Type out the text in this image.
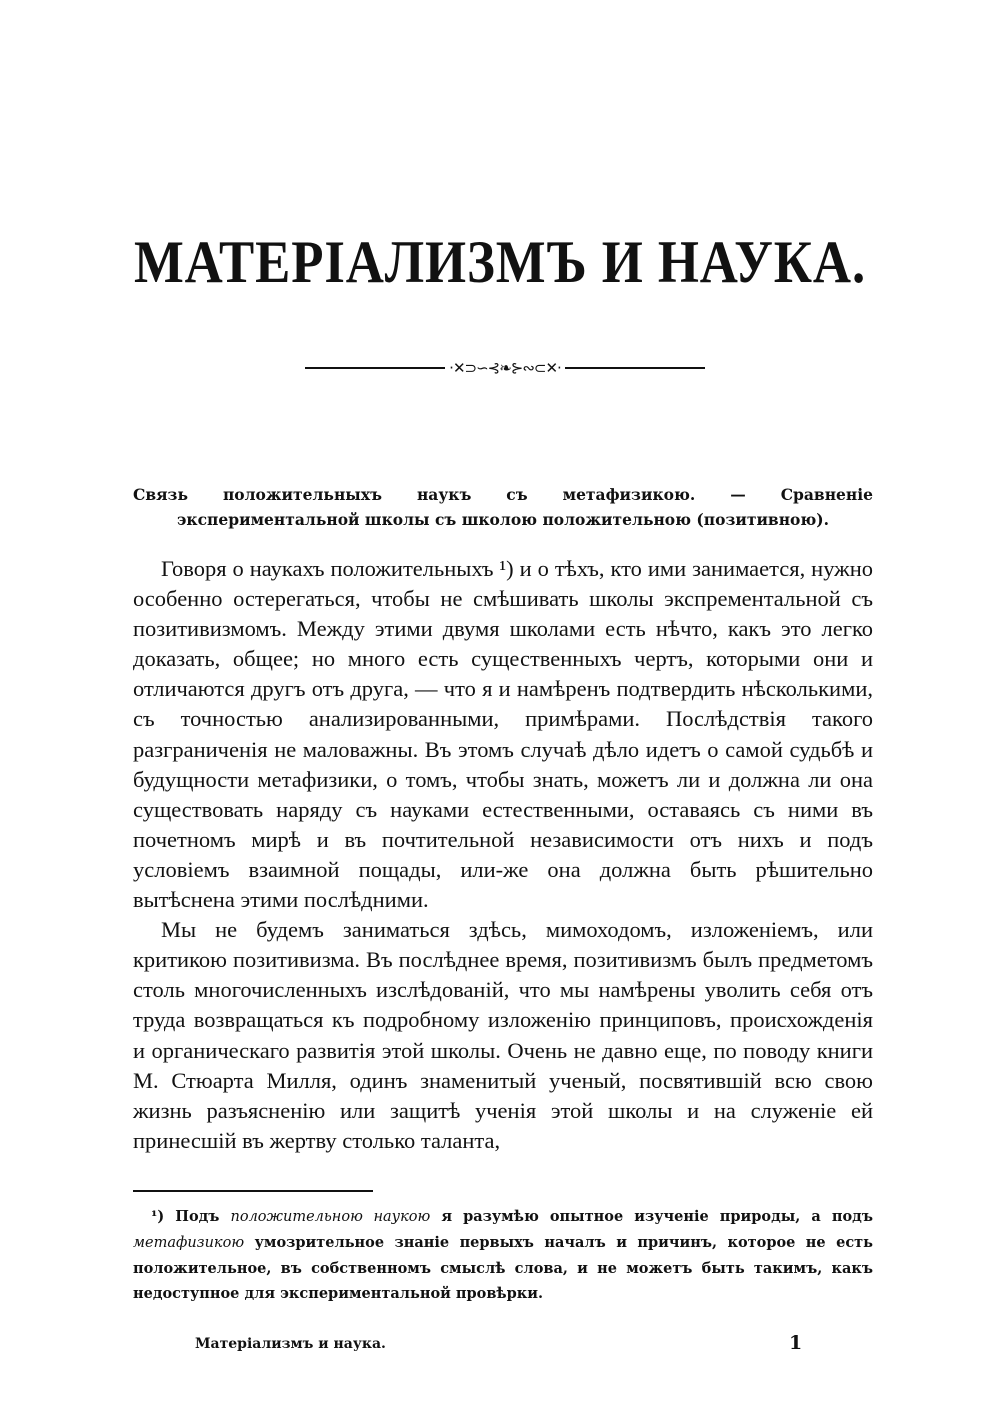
МАТЕРІАЛИЗМЪ И НАУКА.
·✕⊃∽⊰❧⊱∾⊂✕·

Связь положительныхъ наукъ съ метафизикою. — Сравненіе экспериментальной школы съ школою положительною (позитивною).

Говоря о наукахъ положительныхъ ¹) и о тѣхъ, кто ими занимается, нужно особенно остерегаться, чтобы не смѣшивать школы экспрементальной съ позитивизмомъ. Между этими двумя школами есть нѣчто, какъ это легко доказать, общее; но много есть существенныхъ чертъ, которыми они и отличаются другъ отъ друга, — что я и намѣренъ подтвердить нѣсколькими, съ точностью анализированными, примѣрами. Послѣдствія такого разграниченія не маловажны. Въ этомъ случаѣ дѣло идетъ о самой судьбѣ и будущности метафизики, о томъ, чтобы знать, можетъ ли и должна ли она существовать наряду съ науками естественными, оставаясь съ ними въ почетномъ мирѣ и въ почтительной независимости отъ нихъ и подъ условіемъ взаимной пощады, или-же она должна быть рѣшительно вытѣснена этими послѣдними.

Мы не будемъ заниматься здѣсь, мимоходомъ, изложеніемъ, или критикою позитивизма. Въ послѣднее время, позитивизмъ былъ предметомъ столь многочисленныхъ изслѣдованій, что мы намѣрены уволить себя отъ труда возвращаться къ подробному изложенію принциповъ, происхожденія и органическаго развитія этой школы. Очень не давно еще, по поводу книги М. Стюарта Милля, одинъ знаменитый ученый, посвятившій всю свою жизнь разъясненію или защитѣ ученія этой школы и на служеніе ей принесшій въ жертву столько таланта,

¹) Подъ положительною наукою я разумѣю опытное изученіе природы, а подъ метафизикою умозрительное знаніе первыхъ началъ и причинъ, которое не есть положительное, въ собственномъ смыслѣ слова, и не можетъ быть такимъ, какъ недоступное для экспериментальной провѣрки.

Матеріализмъ и наука.	1
